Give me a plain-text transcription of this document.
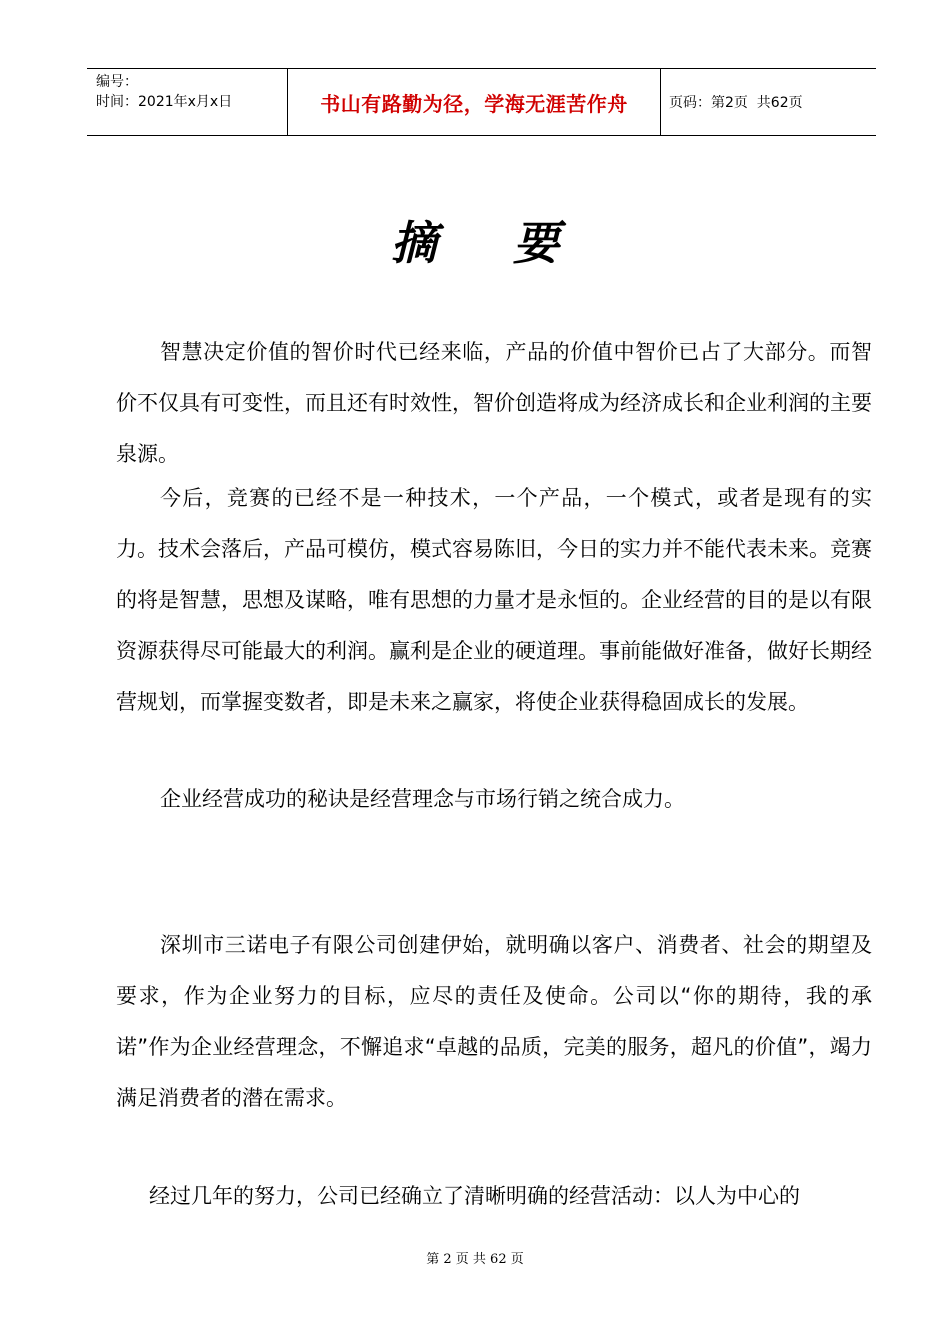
编号：
时间：2021年x月x日	书山有路勤为径，学海无涯苦作舟	页码：第2页  共62页
摘 要

智慧决定价值的智价时代已经来临，产品的价值中智价已占了大部分。而智价不仅具有可变性，而且还有时效性，智价创造将成为经济成长和企业利润的主要泉源。

今后，竞赛的已经不是一种技术，一个产品，一个模式，或者是现有的实力。技术会落后，产品可模仿，模式容易陈旧，今日的实力并不能代表未来。竞赛的将是智慧，思想及谋略，唯有思想的力量才是永恒的。企业经营的目的是以有限资源获得尽可能最大的利润。赢利是企业的硬道理。事前能做好准备，做好长期经营规划，而掌握变数者，即是未来之赢家，将使企业获得稳固成长的发展。

企业经营成功的秘诀是经营理念与市场行销之统合成力。

深圳市三诺电子有限公司创建伊始，就明确以客户、消费者、社会的期望及要求，作为企业努力的目标，应尽的责任及使命。公司以“你的期待，我的承诺”作为企业经营理念，不懈追求“卓越的品质，完美的服务，超凡的价值”，竭力满足消费者的潜在需求。

经过几年的努力，公司已经确立了清晰明确的经营活动：以人为中心的

第 2 页 共 62 页
